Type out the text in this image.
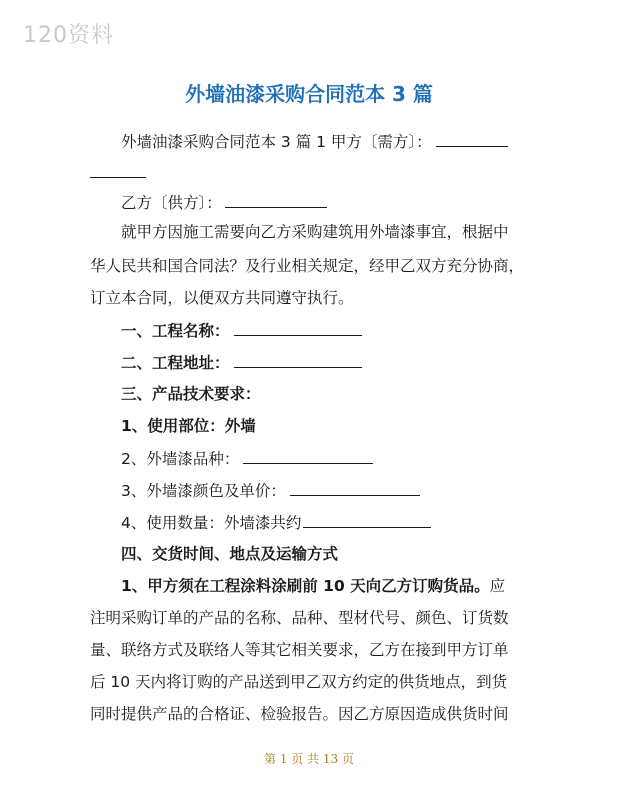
120资料
外墙油漆采购合同范本 3 篇
外墙油漆采购合同范本 3 篇 1 甲方〔需方〕：
乙方〔供方〕：
就甲方因施工需要向乙方采购建筑用外墙漆事宜，根据中
华人民共和国合同法？及行业相关规定，经甲乙双方充分协商，
订立本合同，以便双方共同遵守执行。
一、工程名称：
二、工程地址：
三、产品技术要求：
1、使用部位：外墙
2、外墙漆品种：
3、外墙漆颜色及单价：
4、使用数量：外墙漆共约
四、交货时间、地点及运输方式
1、甲方须在工程涂料涂刷前 10 天向乙方订购货品。应
注明采购订单的产品的名称、品种、型材代号、颜色、订货数
量、联络方式及联络人等其它相关要求，乙方在接到甲方订单
后 10 天内将订购的产品送到甲乙双方约定的供货地点，到货
同时提供产品的合格证、检验报告。因乙方原因造成供货时间
第 1 页 共 13 页
